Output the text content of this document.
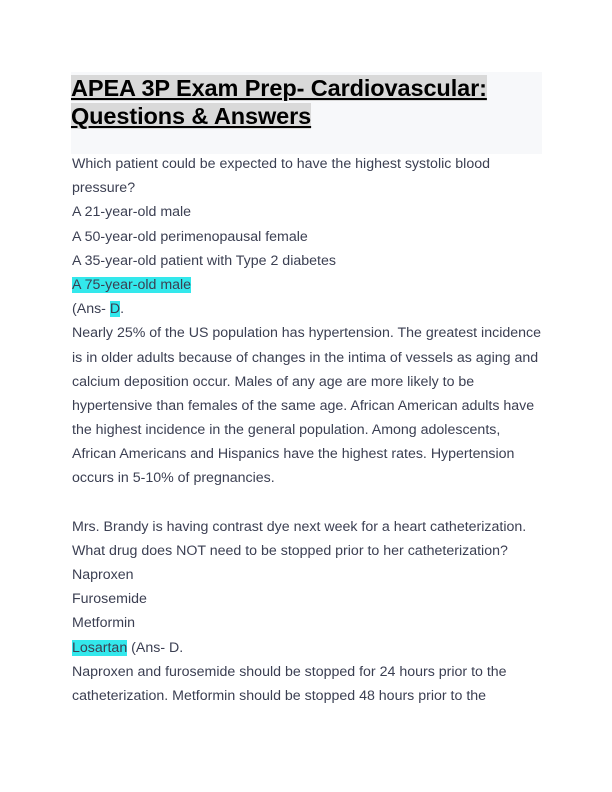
APEA 3P Exam Prep- Cardiovascular:
Questions & Answers
Which patient could be expected to have the highest systolic blood
pressure?
A 21-year-old male
A 50-year-old perimenopausal female
A 35-year-old patient with Type 2 diabetes
A 75-year-old male
(Ans- D.
Nearly 25% of the US population has hypertension. The greatest incidence
is in older adults because of changes in the intima of vessels as aging and
calcium deposition occur. Males of any age are more likely to be
hypertensive than females of the same age. African American adults have
the highest incidence in the general population. Among adolescents,
African Americans and Hispanics have the highest rates. Hypertension
occurs in 5-10% of pregnancies.
Mrs. Brandy is having contrast dye next week for a heart catheterization.
What drug does NOT need to be stopped prior to her catheterization?
Naproxen
Furosemide
Metformin
Losartan (Ans- D.
Naproxen and furosemide should be stopped for 24 hours prior to the
catheterization. Metformin should be stopped 48 hours prior to the
